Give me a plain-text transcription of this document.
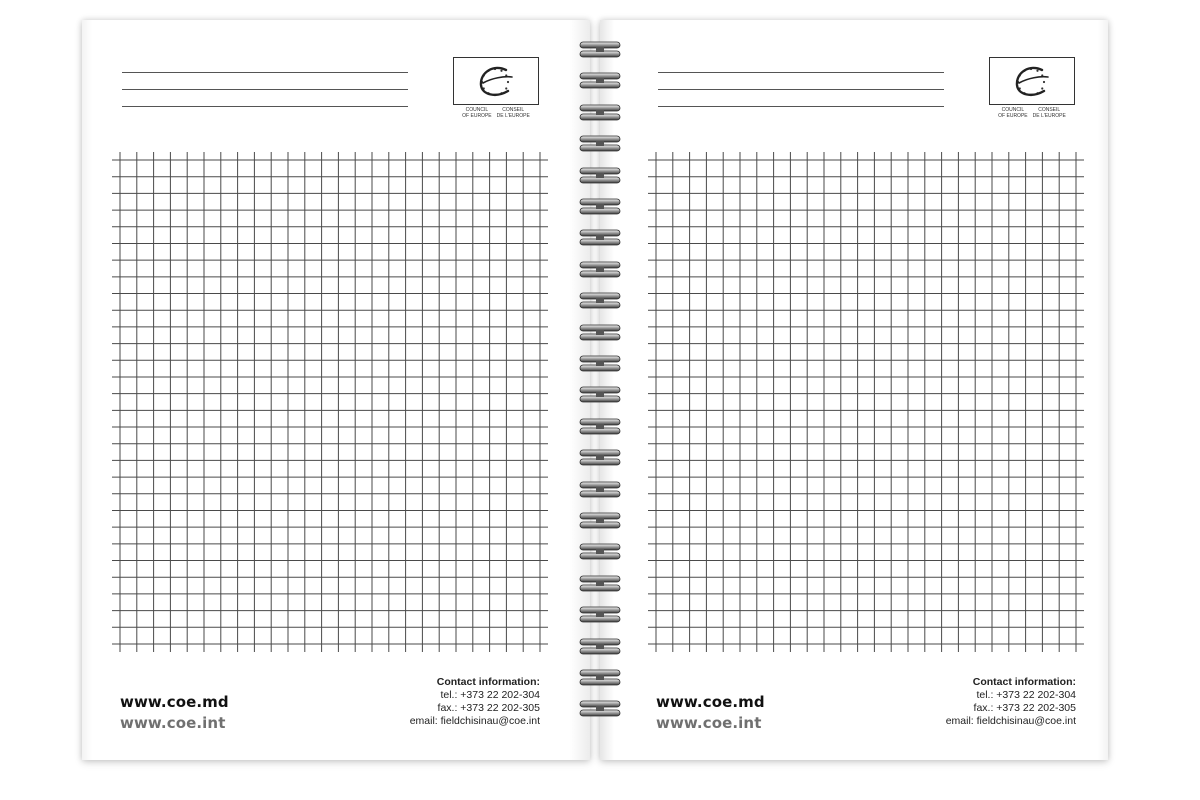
COUNCIL
OF EUROPE
CONSEIL
DE L'EUROPE
www.coe.md
www.coe.int
Contact information:
tel.: +373 22 202-304
fax.: +373 22 202-305
email: fieldchisinau@coe.int
COUNCIL
OF EUROPE
CONSEIL
DE L'EUROPE
www.coe.md
www.coe.int
Contact information:
tel.: +373 22 202-304
fax.: +373 22 202-305
email: fieldchisinau@coe.int
